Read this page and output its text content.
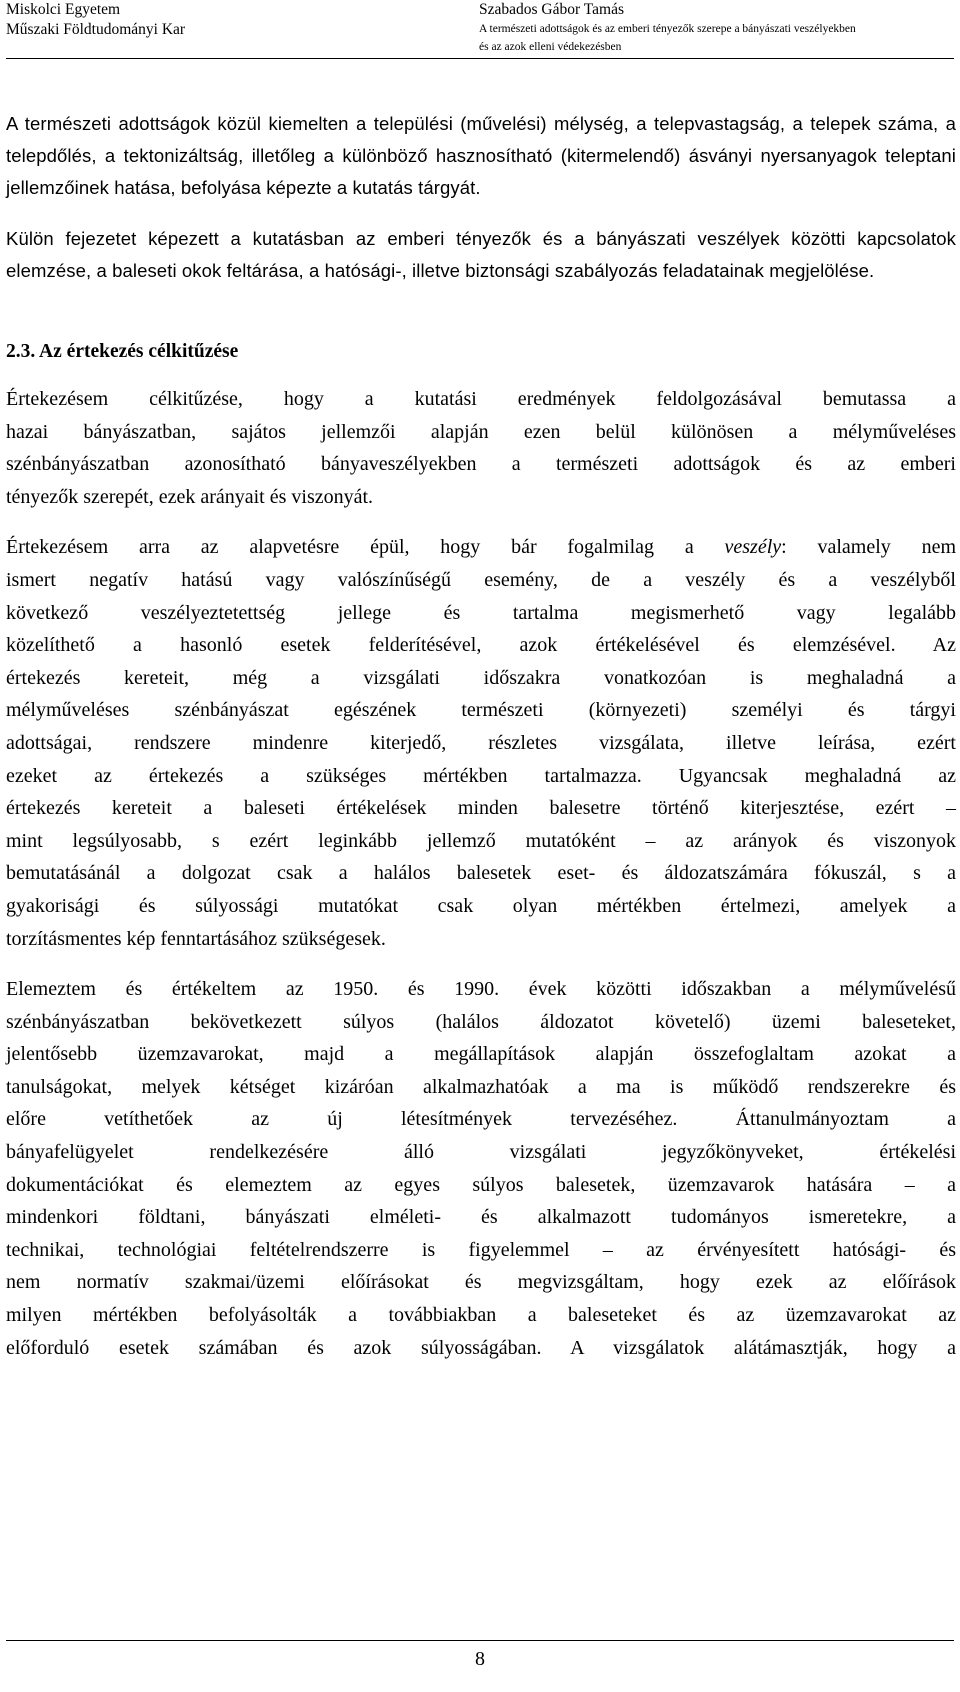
Miskolci Egyetem
Műszaki Földtudományi Kar
Szabados Gábor Tamás
A természeti adottságok és az emberi tényezők szerepe a bányászati veszélyekben
és az azok elleni védekezésben

A természeti adottságok közül kiemelten a települési (művelési) mélység, a telepvastagság, a telepek száma, a telepdőlés, a tektonizáltság, illetőleg a különböző hasznosítható (kitermelendő) ásványi nyersanyagok teleptani jellemzőinek hatása, befolyása képezte a kutatás tárgyát.

Külön fejezetet képezett a kutatásban az emberi tényezők és a bányászati veszélyek közötti kapcsolatok elemzése, a baleseti okok feltárása, a hatósági-, illetve biztonsági szabályozás feladatainak megjelölése.

2.3. Az értekezés célkitűzése
Értekezésem célkitűzése, hogy a kutatási eredmények feldolgozásával bemutassa a
hazai bányászatban, sajátos jellemzői alapján ezen belül különösen a mélyműveléses
szénbányászatban azonosítható bányaveszélyekben a természeti adottságok és az emberi
tényezők szerepét, ezek arányait és viszonyát.
Értekezésem arra az alapvetésre épül, hogy bár fogalmilag a veszély: valamely nem
ismert negatív hatású vagy valószínűségű esemény, de a veszély és a veszélyből
következő veszélyeztetettség jellege és tartalma megismerhető vagy legalább
közelíthető a hasonló esetek felderítésével, azok értékelésével és elemzésével. Az
értekezés kereteit, még a vizsgálati időszakra vonatkozóan is meghaladná a
mélyműveléses szénbányászat egészének természeti (környezeti) személyi és tárgyi
adottságai, rendszere mindenre kiterjedő, részletes vizsgálata, illetve leírása, ezért
ezeket az értekezés a szükséges mértékben tartalmazza. Ugyancsak meghaladná az
értekezés kereteit a baleseti értékelések minden balesetre történő kiterjesztése, ezért –
mint legsúlyosabb, s ezért leginkább jellemző mutatóként – az arányok és viszonyok
bemutatásánál a dolgozat csak a halálos balesetek eset- és áldozatszámára fókuszál, s a
gyakorisági és súlyossági mutatókat csak olyan mértékben értelmezi, amelyek a
torzításmentes kép fenntartásához szükségesek.
Elemeztem és értékeltem az 1950. és 1990. évek közötti időszakban a mélyművelésű
szénbányászatban bekövetkezett súlyos (halálos áldozatot követelő) üzemi baleseteket,
jelentősebb üzemzavarokat, majd a megállapítások alapján összefoglaltam azokat a
tanulságokat, melyek kétséget kizáróan alkalmazhatóak a ma is működő rendszerekre és
előre vetíthetőek az új létesítmények tervezéséhez. Áttanulmányoztam a
bányafelügyelet rendelkezésére álló vizsgálati jegyzőkönyveket, értékelési
dokumentációkat és elemeztem az egyes súlyos balesetek, üzemzavarok hatására – a
mindenkori földtani, bányászati elméleti- és alkalmazott tudományos ismeretekre, a
technikai, technológiai feltételrendszerre is figyelemmel – az érvényesített hatósági- és
nem normatív szakmai/üzemi előírásokat és megvizsgáltam, hogy ezek az előírások
milyen mértékben befolyásolták a továbbiakban a baleseteket és az üzemzavarokat az
előforduló esetek számában és azok súlyosságában. A vizsgálatok alátámasztják, hogy a
8
